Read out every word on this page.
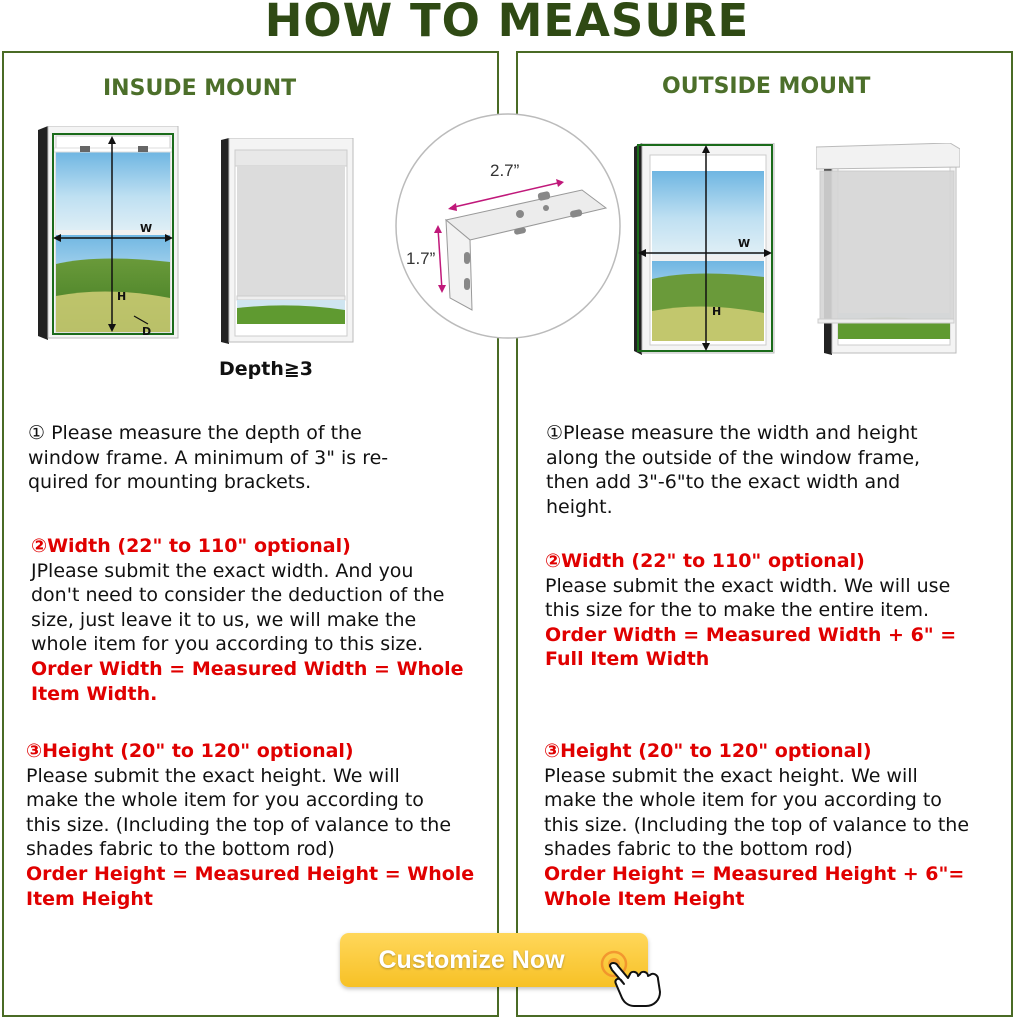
HOW TO MEASURE
INSUDE MOUNT	OUTSIDE MOUNT
W
H
D
2.7”
1.7”
W
H
Depth≧3

① Please measure the depth of the

window frame. A minimum of 3" is re-

quired for mounting brackets.

②Width (22" to 110" optional)

JPlease submit the exact width. And you

don't need to consider the deduction of the

size, just leave it to us, we will make the

whole item for you according to this size.

Order Width = Measured Width = Whole

Item Width.

③Height (20" to 120" optional)

Please submit the exact height. We will

make the whole item for you according to

this size. (Including the top of valance to the

shades fabric to the bottom rod)

Order Height = Measured Height = Whole

Item Height

①Please measure the width and height

along the outside of the window frame,

then add 3"-6"to the exact width and

height.

②Width (22" to 110" optional)

Please submit the exact width. We will use

this size for the to make the entire item.

Order Width = Measured Width + 6" =

Full Item Width

③Height (20" to 120" optional)

Please submit the exact height. We will

make the whole item for you according to

this size. (Including the top of valance to the

shades fabric to the bottom rod)

Order Height = Measured Height + 6"=

Whole Item Height

Customize Now
